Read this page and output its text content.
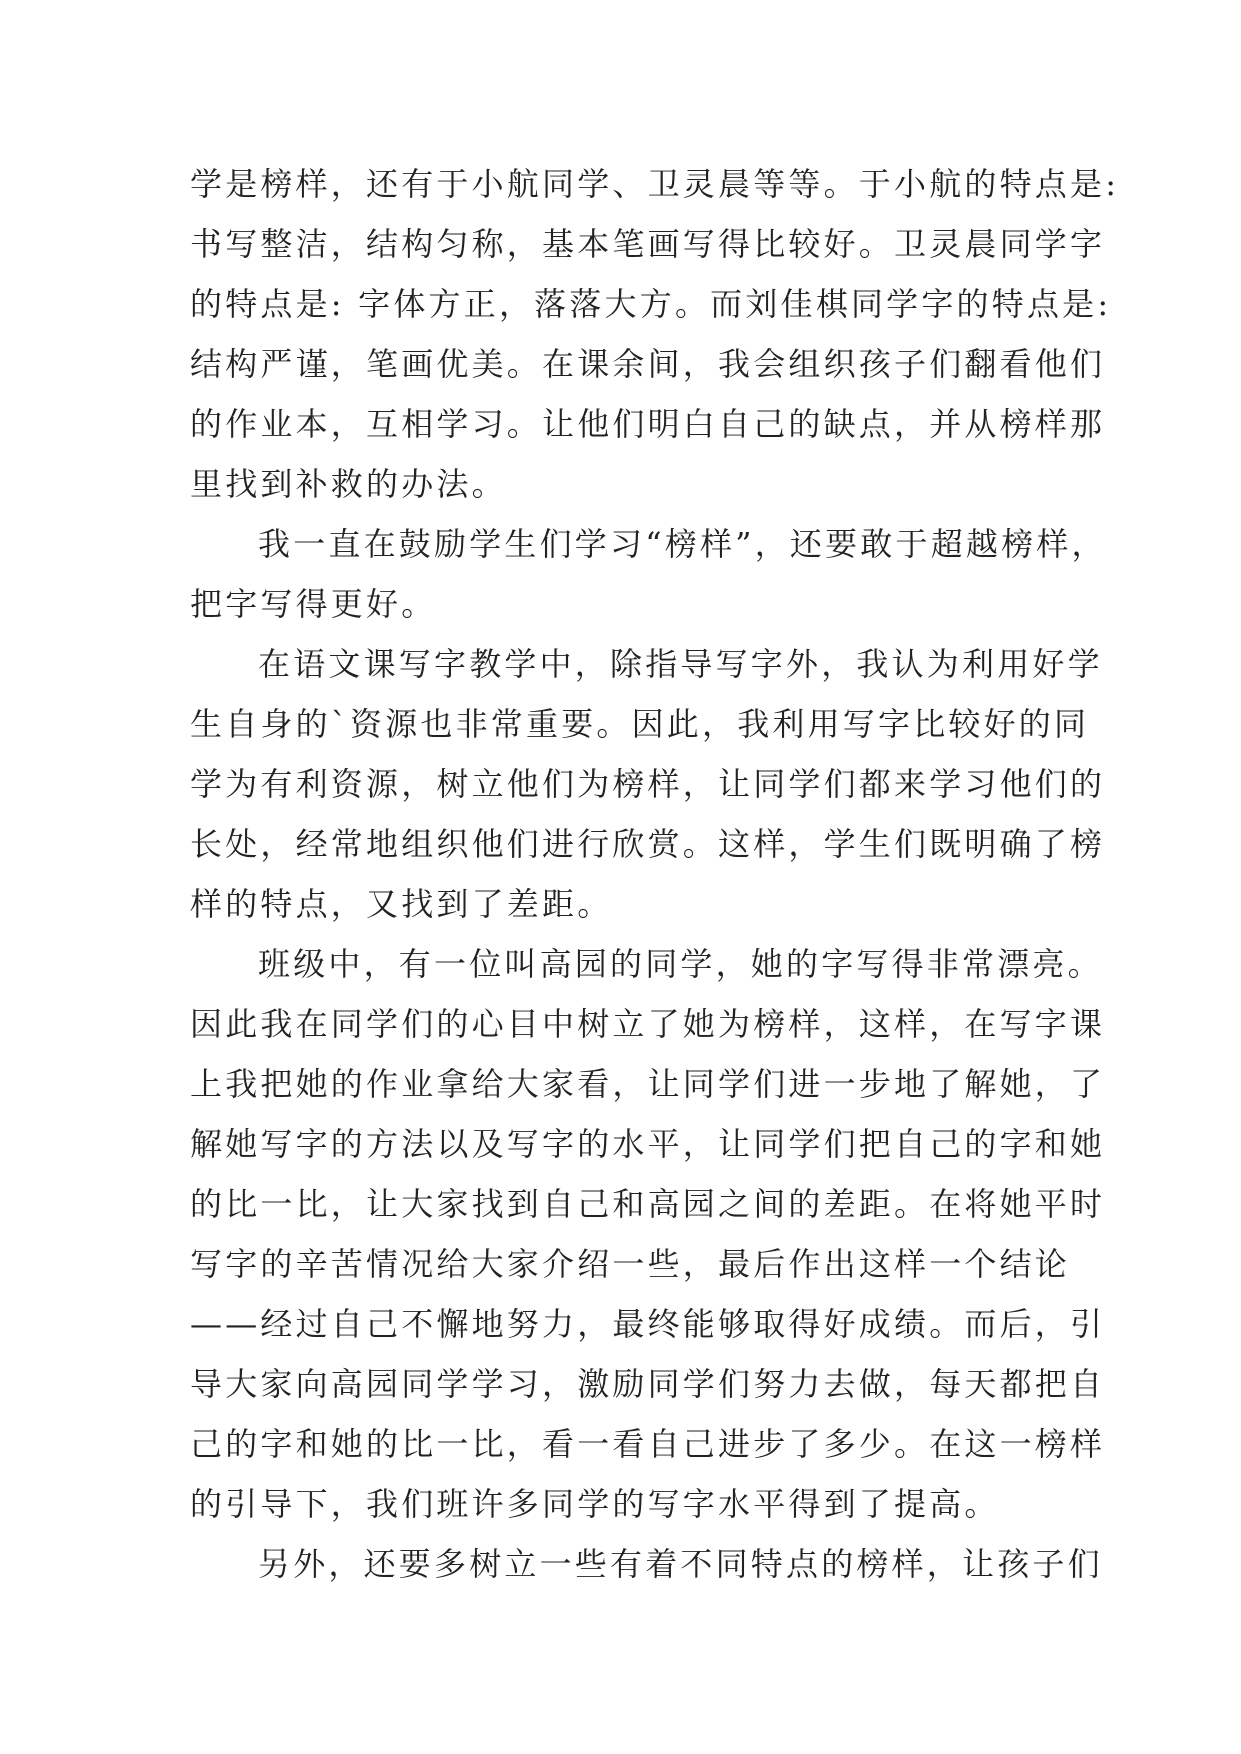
学是榜样，还有于小航同学、卫灵晨等等。于小航的特点是:
书写整洁，结构匀称，基本笔画写得比较好。卫灵晨同学字
的特点是: 字体方正，落落大方。而刘佳棋同学字的特点是:
结构严谨，笔画优美。在课余间，我会组织孩子们翻看他们
的作业本，互相学习。让他们明白自己的缺点，并从榜样那
里找到补救的办法。
我一直在鼓励学生们学习“榜样”，还要敢于超越榜样，
把字写得更好。
在语文课写字教学中，除指导写字外，我认为利用好学
生自身的`资源也非常重要。因此，我利用写字比较好的同
学为有利资源，树立他们为榜样，让同学们都来学习他们的
长处，经常地组织他们进行欣赏。这样，学生们既明确了榜
样的特点，又找到了差距。
班级中，有一位叫高园的同学，她的字写得非常漂亮。
因此我在同学们的心目中树立了她为榜样，这样，在写字课
上我把她的作业拿给大家看，让同学们进一步地了解她，了
解她写字的方法以及写字的水平，让同学们把自己的字和她
的比一比，让大家找到自己和高园之间的差距。在将她平时
写字的辛苦情况给大家介绍一些，最后作出这样一个结论
——经过自己不懈地努力，最终能够取得好成绩。而后，引
导大家向高园同学学习，激励同学们努力去做，每天都把自
己的字和她的比一比，看一看自己进步了多少。在这一榜样
的引导下，我们班许多同学的写字水平得到了提高。
另外，还要多树立一些有着不同特点的榜样，让孩子们
